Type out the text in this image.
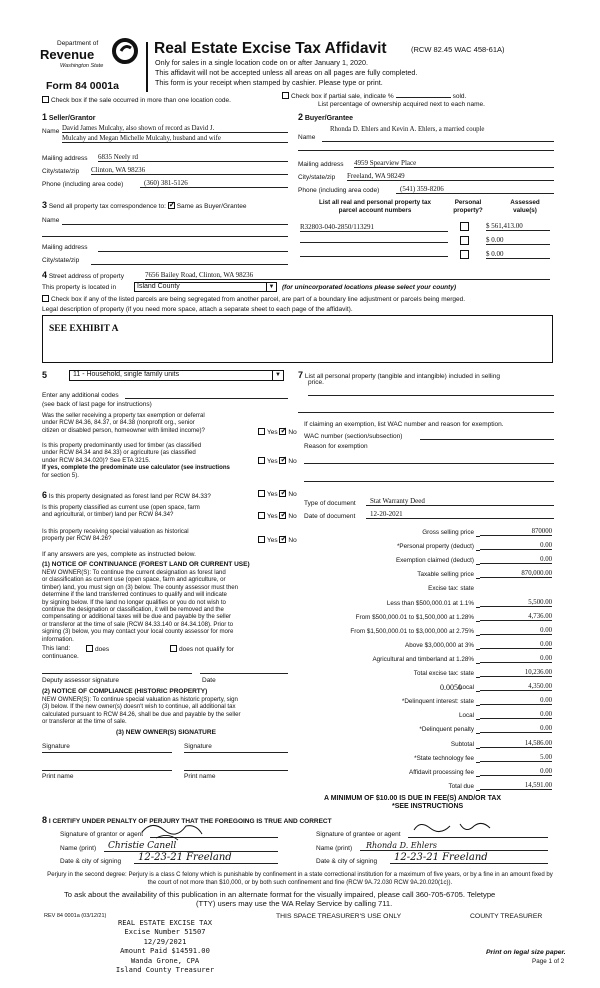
Department of
Revenue
Washington State
Form 84 0001a
Real Estate Excise Tax Affidavit	(RCW 82.45 WAC 458-61A)
Only for sales in a single location code on or after January 1, 2020.
This affidavit will not be accepted unless all areas on all pages are fully completed.
This form is your receipt when stamped by cashier. Please type or print.
Check box if the sale occurred in more than one location code.
Check box if partial sale, indicate %	sold.
List percentage of ownership acquired next to each name.
1 Seller/Grantor
Name David James Mulcahy, also shown of record as David J.
Mulcahy and Megan Michelle Mulcahy, husband and wife
Mailing address 6835 Neely rd
City/state/zip Clinton, WA 98236
Phone (including area code)	(360) 381-5126
2 Buyer/Grantee
Rhonda D. Ehlers and Kevin A. Ehlers, a married couple
Name
Mailing address 4959 Spearview Place
City/state/zip Freeland, WA 98249
Phone (including area code)	(541) 359-8206
3 Send all property tax correspondence to: ✓ Same as Buyer/Grantee
Name
Mailing address
City/state/zip
List all real and personal property tax
parcel account numbers
Personal
property?
Assessed
value(s)
R32803-040-2850/113291	$ 561,413.00
$ 0.00
$ 0.00
4 Street address of property	7656 Bailey Road, Clinton, WA 98236
This property is located in	Island County	▼ (for unincorporated locations please select your county)
Check box if any of the listed parcels are being segregated from another parcel, are part of a boundary line adjustment or parcels being merged.
Legal description of property (if you need more space, attach a separate sheet to each page of the affidavit).
SEE EXHIBIT A
5	11 - Household, single family units	▼
Enter any additional codes
(see back of last page for instructions)
Was the seller receiving a property tax exemption or deferral
under RCW 84.36, 84.37, or 84.38 (nonprofit org., senior
citizen or disabled person, homeowner with limited income)?	Yes ✓ No
Is this property predominantly used for timber (as classified
under RCW 84.34 and 84.33) or agriculture (as classified
under RCW 84.34.020)? See ETA 3215.
If yes, complete the predominate use calculator (see instructions
for section 5).
Yes ✓ No
6 Is this property designated as forest land per RCW 84.33?	Yes ✓ No
Is this property classified as current use (open space, farm
and agricultural, or timber) land per RCW 84.34?	Yes ✓ No
Is this property receiving special valuation as historical
property per RCW 84.26?	Yes ✓ No
If any answers are yes, complete as instructed below.
(1) NOTICE OF CONTINUANCE (FOREST LAND OR CURRENT USE)
NEW OWNER(S): To continue the current designation as forest land
or classification as current use (open space, farm and agriculture, or
timber) land, you must sign on (3) below. The county assessor must then
determine if the land transferred continues to qualify and will indicate
by signing below. If the land no longer qualifies or you do not wish to
continue the designation or classification, it will be removed and the
compensating or additional taxes will be due and payable by the seller
or transferor at the time of sale (RCW 84.33.140 or 84.34.108). Prior to
signing (3) below, you may contact your local county assessor for more
information.
This land:
continuance.
does	does not qualify for
Deputy assessor signature	Date
(2) NOTICE OF COMPLIANCE (HISTORIC PROPERTY)
NEW OWNER(S): To continue special valuation as historic property, sign
(3) below. If the new owner(s) doesn't wish to continue, all additional tax
calculated pursuant to RCW 84.26, shall be due and payable by the seller
or transferor at the time of sale.
(3) NEW OWNER(S) SIGNATURE
Signature	Signature
Print name	Print name
7 List all personal property (tangible and intangible) included in selling
price.
If claiming an exemption, list WAC number and reason for exemption.
WAC number (section/subsection)
Reason for exemption
Type of document	Stat Warranty Deed
Date of document	12-20-2021
Gross selling price	870000
*Personal property (deduct)	0.00
Exemption claimed (deduct)	0.00
Taxable selling price	870,000.00
Excise tax: state
Less than $500,000.01 at 1.1%	5,500.00
From $500,000.01 to $1,500,000 at 1.28%	4,736.00
From $1,500,000.01 to $3,000,000 at 2.75%	0.00
Above $3,000,000 at 3%	0.00
Agricultural and timberland at 1.28%	0.00
Total excise tax: state	10,236.00
Local	4,350.00
*Delinquent interest: state	0.00
Local	0.00
*Delinquent penalty	0.00
Subtotal	14,586.00
*State technology fee	5.00
Affidavit processing fee	0.00
Total due	14,591.00
0.0050
A MINIMUM OF $10.00 IS DUE IN FEE(S) AND/OR TAX
*SEE INSTRUCTIONS
8 I CERTIFY UNDER PENALTY OF PERJURY THAT THE FOREGOING IS TRUE AND CORRECT
Signature of grantor or agent
Name (print)	Christie Canell
Date & city of signing	12-23-21 Freeland
Signature of grantee or agent
Name (print)	Rhonda D. Ehlers
Date & city of signing	12-23-21 Freeland
Perjury in the second degree: Perjury is a class C felony which is punishable by confinement in a state correctional institution for a maximum of five years, or by a fine in an amount fixed by the court of not more than $10,000, or by both such confinement and fine (RCW 9A.72.030 RCW 9A.20.020(1c)).
To ask about the availability of this publication in an alternate format for the visually impaired, please call 360-705-6705. Teletype
(TTY) users may use the WA Relay Service by calling 711.
REV 84 0001a (03/12/21)	THIS SPACE TREASURER'S USE ONLY	COUNTY TREASURER
REAL ESTATE EXCISE TAX
Excise Number 51507
12/29/2021
Amount Paid $14591.00
Wanda Grone, CPA
Island County Treasurer
Print on legal size paper.
Page 1 of 2
